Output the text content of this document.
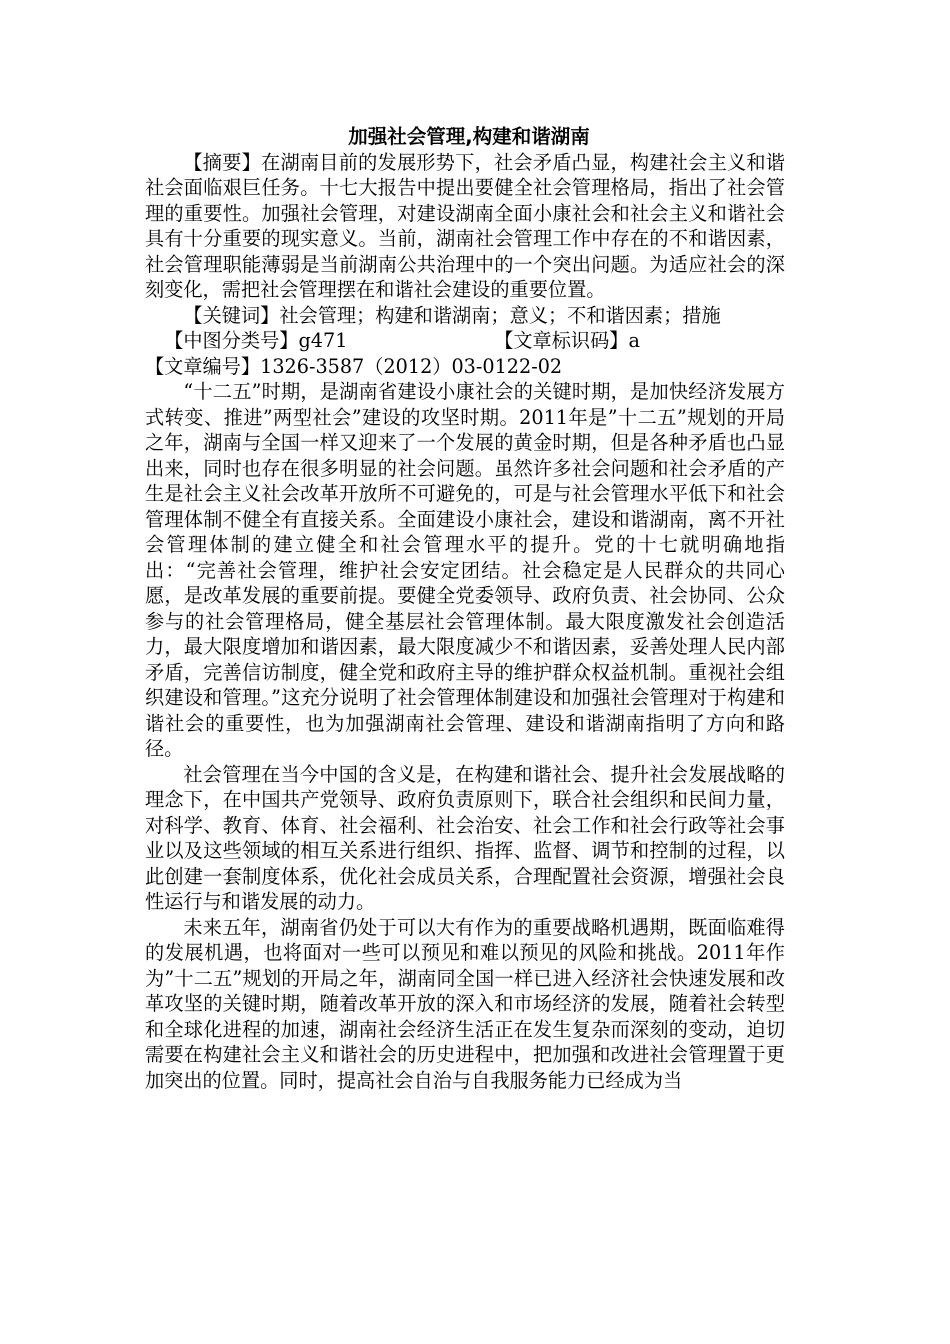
加强社会管理,构建和谐湖南

【摘要】在湖南目前的发展形势下，社会矛盾凸显，构建社会主义和谐社会面临艰巨任务。十七大报告中提出要健全社会管理格局，指出了社会管理的重要性。加强社会管理，对建设湖南全面小康社会和社会主义和谐社会具有十分重要的现实意义。当前，湖南社会管理工作中存在的不和谐因素，社会管理职能薄弱是当前湖南公共治理中的一个突出问题。为适应社会的深刻变化，需把社会管理摆在和谐社会建设的重要位置。

【关键词】社会管理；构建和谐湖南；意义；不和谐因素；措施

【中图分类号】g471	【文章标识码】a

【文章编号】1326-3587（2012）03-0122-02

“十二五”时期，是湖南省建设小康社会的关键时期，是加快经济发展方式转变、推进”两型社会”建设的攻坚时期。2011年是”十二五”规划的开局之年，湖南与全国一样又迎来了一个发展的黄金时期，但是各种矛盾也凸显出来，同时也存在很多明显的社会问题。虽然许多社会问题和社会矛盾的产生是社会主义社会改革开放所不可避免的，可是与社会管理水平低下和社会管理体制不健全有直接关系。全面建设小康社会，建设和谐湖南，离不开社会管理体制的建立健全和社会管理水平的提升。党的十七就明确地指出：“完善社会管理，维护社会安定团结。社会稳定是人民群众的共同心愿，是改革发展的重要前提。要健全党委领导、政府负责、社会协同、公众参与的社会管理格局，健全基层社会管理体制。最大限度激发社会创造活力，最大限度增加和谐因素，最大限度减少不和谐因素，妥善处理人民内部矛盾，完善信访制度，健全党和政府主导的维护群众权益机制。重视社会组织建设和管理。”这充分说明了社会管理体制建设和加强社会管理对于构建和谐社会的重要性，也为加强湖南社会管理、建设和谐湖南指明了方向和路径。

社会管理在当今中国的含义是，在构建和谐社会、提升社会发展战略的理念下，在中国共产党领导、政府负责原则下，联合社会组织和民间力量，对科学、教育、体育、社会福利、社会治安、社会工作和社会行政等社会事业以及这些领域的相互关系进行组织、指挥、监督、调节和控制的过程，以此创建一套制度体系，优化社会成员关系，合理配置社会资源，增强社会良性运行与和谐发展的动力。

未来五年，湖南省仍处于可以大有作为的重要战略机遇期，既面临难得的发展机遇，也将面对一些可以预见和难以预见的风险和挑战。2011年作为”十二五”规划的开局之年，湖南同全国一样已进入经济社会快速发展和改革攻坚的关键时期，随着改革开放的深入和市场经济的发展，随着社会转型和全球化进程的加速，湖南社会经济生活正在发生复杂而深刻的变动，迫切需要在构建社会主义和谐社会的历史进程中，把加强和改进社会管理置于更加突出的位置。同时，提高社会自治与自我服务能力已经成为当
